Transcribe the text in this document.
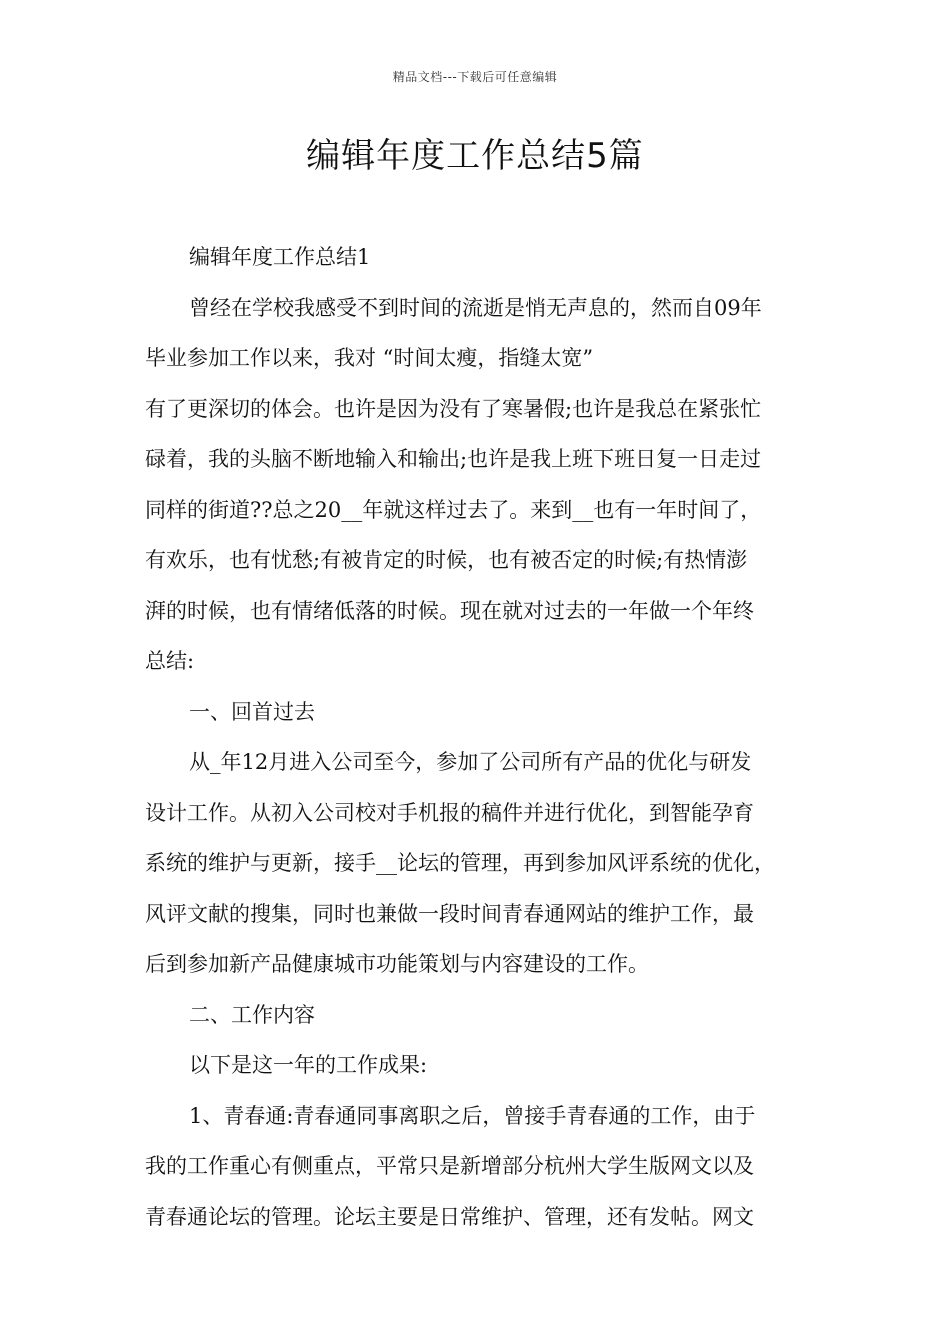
精品文档---下载后可任意编辑
编辑年度工作总结5篇

编辑年度工作总结1

曾经在学校我感受不到时间的流逝是悄无声息的，然而自09年

毕业参加工作以来，我对 “时间太瘦，指缝太宽”

有了更深切的体会。也许是因为没有了寒暑假;也许是我总在紧张忙

碌着，我的头脑不断地输入和输出;也许是我上班下班日复一日走过

同样的街道??总之20__年就这样过去了。来到__也有一年时间了，

有欢乐，也有忧愁;有被肯定的时候，也有被否定的时候;有热情澎

湃的时候，也有情绪低落的时候。现在就对过去的一年做一个年终

总结:

一、回首过去

从_年12月进入公司至今，参加了公司所有产品的优化与研发

设计工作。从初入公司校对手机报的稿件并进行优化，到智能孕育

系统的维护与更新，接手__论坛的管理，再到参加风评系统的优化，

风评文献的搜集，同时也兼做一段时间青春通网站的维护工作，最

后到参加新产品健康城市功能策划与内容建设的工作。

二、工作内容

以下是这一年的工作成果:

1、青春通:青春通同事离职之后，曾接手青春通的工作，由于

我的工作重心有侧重点，平常只是新增部分杭州大学生版网文以及

青春通论坛的管理。论坛主要是日常维护、管理，还有发帖。网文
